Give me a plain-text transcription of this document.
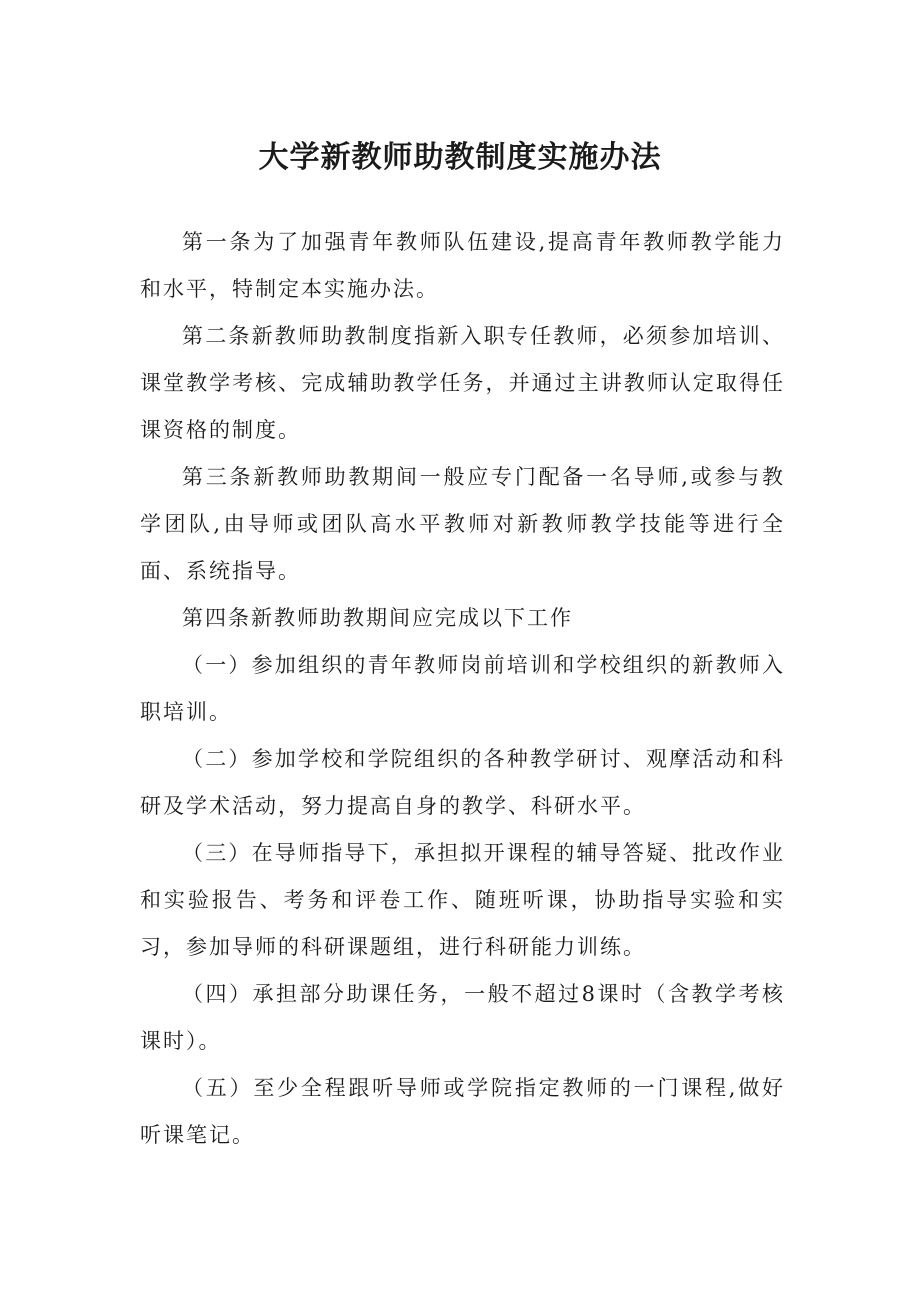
大学新教师助教制度实施办法

第一条为了加强青年教师队伍建设,提高青年教师教学能力和水平，特制定本实施办法。

第二条新教师助教制度指新入职专任教师，必须参加培训、课堂教学考核、完成辅助教学任务，并通过主讲教师认定取得任课资格的制度。

第三条新教师助教期间一般应专门配备一名导师,或参与教学团队,由导师或团队高水平教师对新教师教学技能等进行全面、系统指导。

第四条新教师助教期间应完成以下工作

（一）参加组织的青年教师岗前培训和学校组织的新教师入职培训。

（二）参加学校和学院组织的各种教学研讨、观摩活动和科研及学术活动，努力提高自身的教学、科研水平。

（三）在导师指导下，承担拟开课程的辅导答疑、批改作业和实验报告、考务和评卷工作、随班听课，协助指导实验和实习，参加导师的科研课题组，进行科研能力训练。

（四）承担部分助课任务，一般不超过8课时（含教学考核课时）。

（五）至少全程跟听导师或学院指定教师的一门课程,做好听课笔记。
